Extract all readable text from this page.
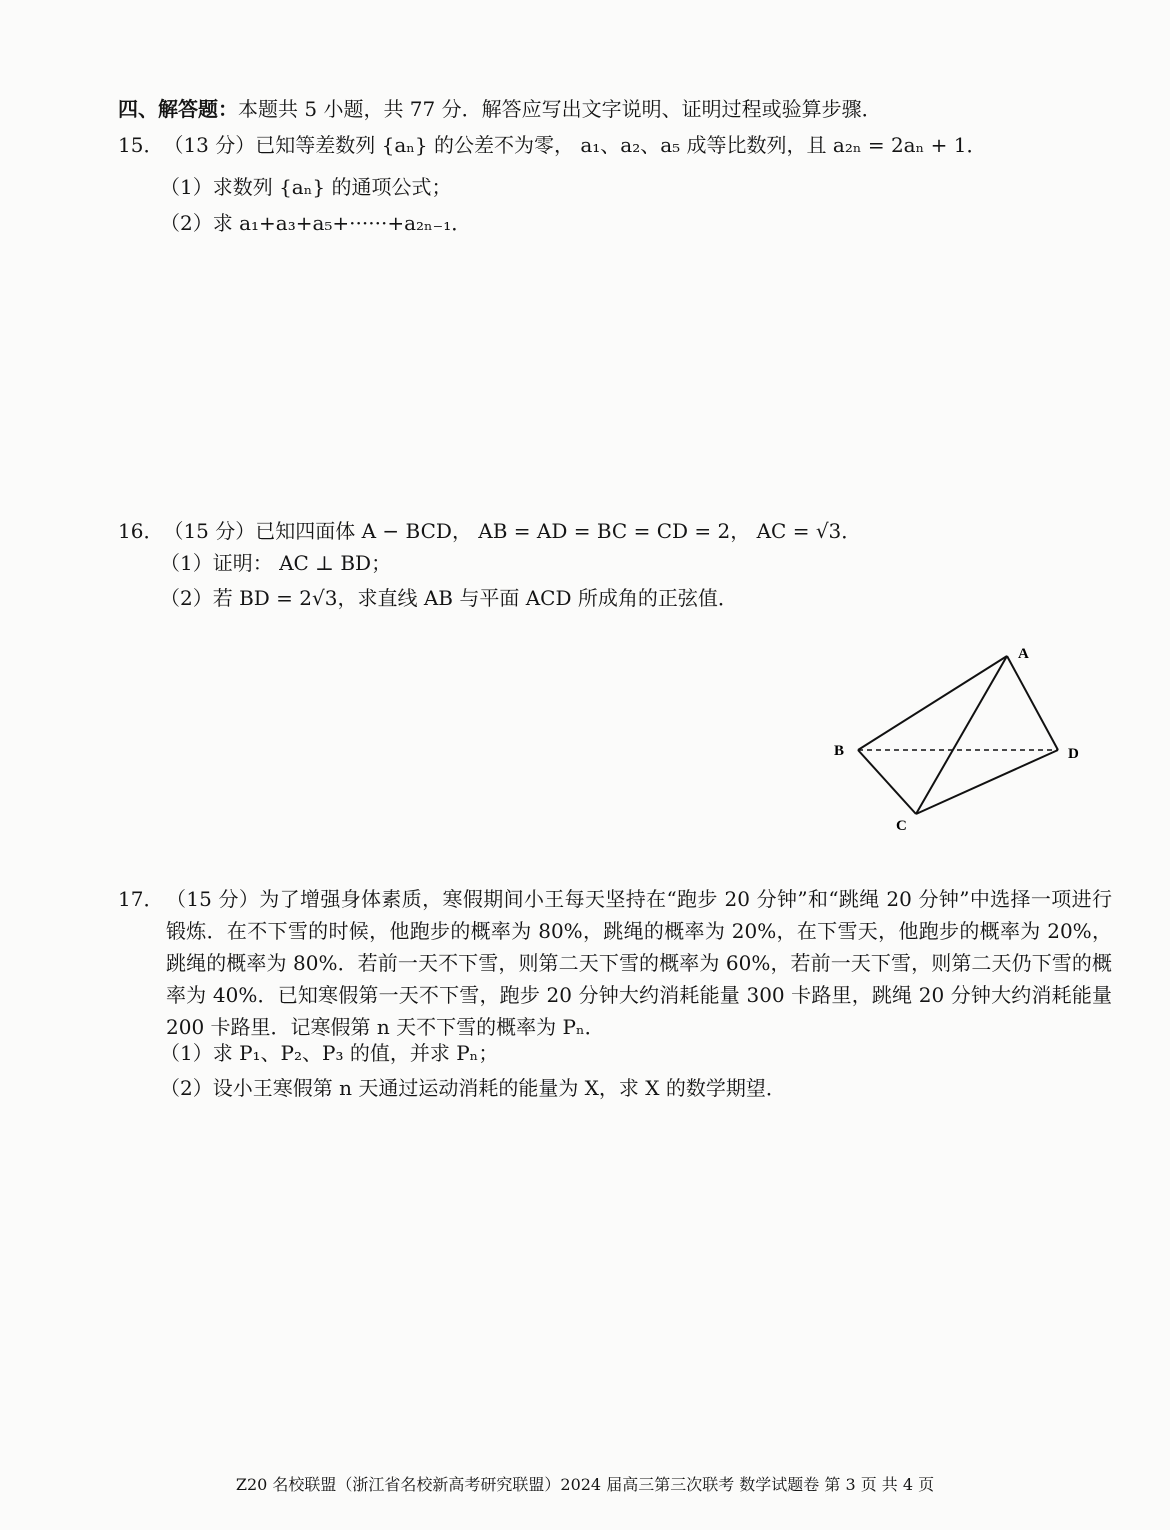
四、解答题：本题共 5 小题，共 77 分．解答应写出文字说明、证明过程或验算步骤．
15．（13 分）已知等差数列 {aₙ} 的公差不为零， a₁、a₂、a₅ 成等比数列，且 a₂ₙ = 2aₙ + 1．
（1）求数列 {aₙ} 的通项公式；
（2）求 a₁+a₃+a₅+······+a₂ₙ₋₁．
16．（15 分）已知四面体 A − BCD， AB = AD = BC = CD = 2， AC = √3．
（1）证明： AC ⊥ BD；
（2）若 BD = 2√3，求直线 AB 与平面 ACD 所成角的正弦值．
A
B
C
D
17． （15 分）为了增强身体素质，寒假期间小王每天坚持在“跑步 20 分钟”和“跳绳 20 分钟”中选择一项进行锻炼．在不下雪的时候，他跑步的概率为 80%，跳绳的概率为 20%，在下雪天，他跑步的概率为 20%，跳绳的概率为 80%．若前一天不下雪，则第二天下雪的概率为 60%，若前一天下雪，则第二天仍下雪的概率为 40%．已知寒假第一天不下雪，跑步 20 分钟大约消耗能量 300 卡路里，跳绳 20 分钟大约消耗能量 200 卡路里．记寒假第 n 天不下雪的概率为 Pₙ．
（1）求 P₁、P₂、P₃ 的值，并求 Pₙ；
（2）设小王寒假第 n 天通过运动消耗的能量为 X，求 X 的数学期望．
Z20 名校联盟（浙江省名校新高考研究联盟）2024 届高三第三次联考 数学试题卷 第 3 页 共 4 页
